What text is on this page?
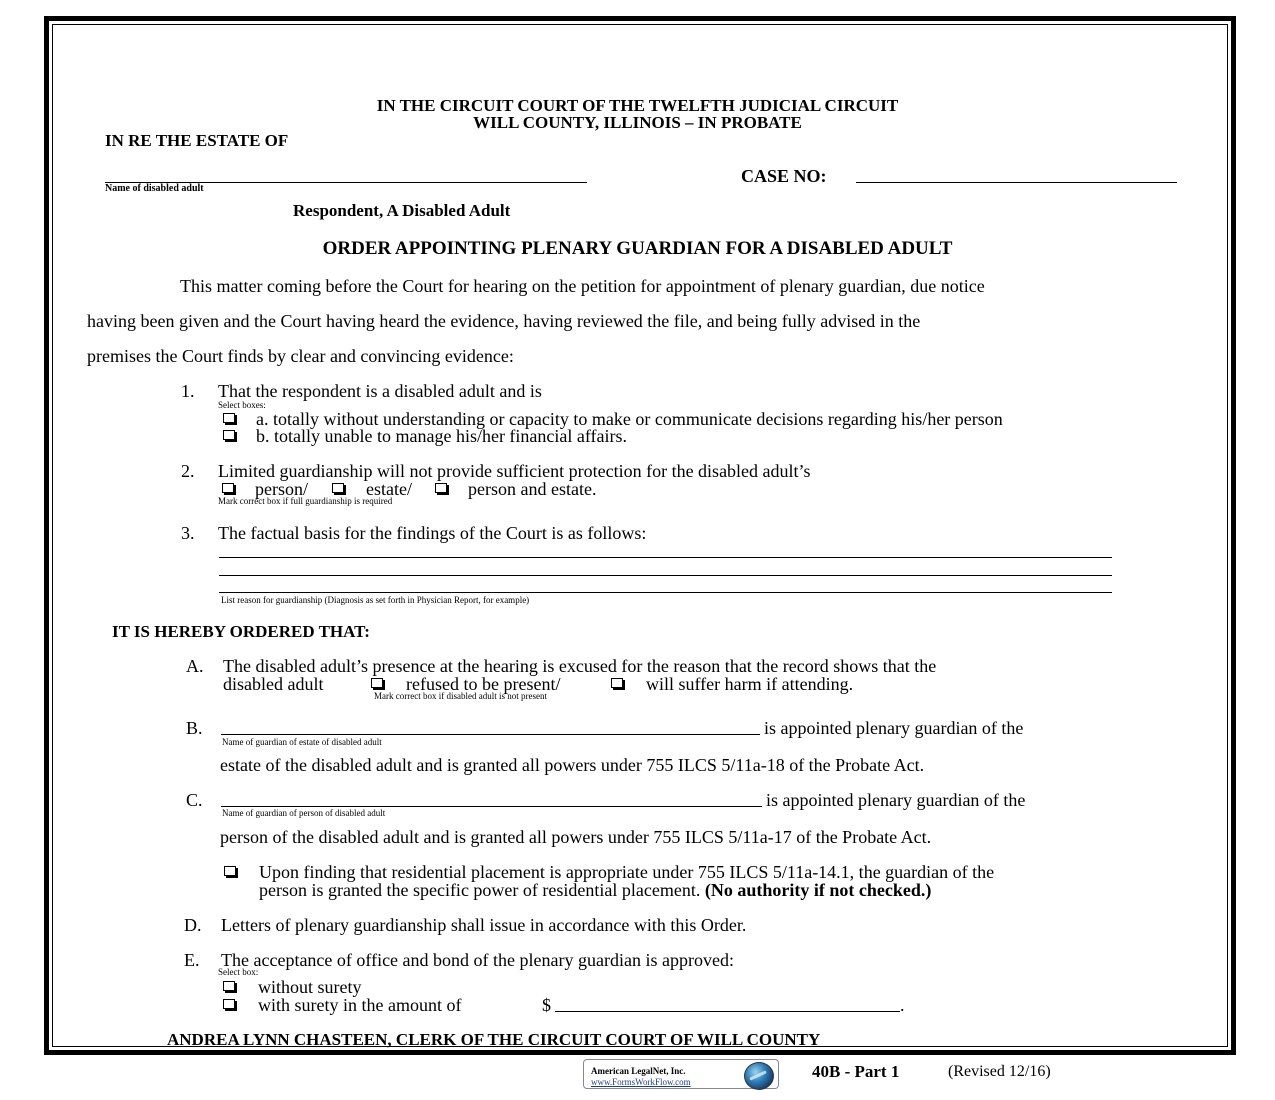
IN THE CIRCUIT COURT OF THE TWELFTH JUDICIAL CIRCUIT
WILL COUNTY, ILLINOIS – IN PROBATE
IN RE THE ESTATE OF
Name of disabled adult
CASE NO:
Respondent, A Disabled Adult
ORDER APPOINTING PLENARY GUARDIAN FOR A DISABLED ADULT
This matter coming before the Court for hearing on the petition for appointment of plenary guardian, due notice
having been given and the Court having heard the evidence, having reviewed the file, and being fully advised in the
premises the Court finds by clear and convincing evidence:
1. That the respondent is a disabled adult and is
Select boxes:
a. totally without understanding or capacity to make or communicate decisions regarding his/her person
b. totally unable to manage his/her financial affairs.
2. Limited guardianship will not provide sufficient protection for the disabled adult’s
person/	estate/	person and estate.
Mark correct box if full guardianship is required
3. The factual basis for the findings of the Court is as follows:
List reason for guardianship (Diagnosis as set forth in Physician Report, for example)
IT IS HEREBY ORDERED THAT:
A. The disabled adult’s presence at the hearing is excused for the reason that the record shows that the
disabled adult	refused to be present/	will suffer harm if attending.
Mark correct box if disabled adult is not present
B.	is appointed plenary guardian of the
Name of guardian of estate of disabled adult
estate of the disabled adult and is granted all powers under 755 ILCS 5/11a-18 of the Probate Act.
C.	is appointed plenary guardian of the
Name of guardian of person of disabled adult
person of the disabled adult and is granted all powers under 755 ILCS 5/11a-17 of the Probate Act.
Upon finding that residential placement is appropriate under 755 ILCS 5/11a-14.1, the guardian of the
person is granted the specific power of residential placement. (No authority if not checked.)
D. Letters of plenary guardianship shall issue in accordance with this Order.
E. The acceptance of office and bond of the plenary guardian is approved:
Select box:
without surety
with surety in the amount of	$	.
ANDREA LYNN CHASTEEN, CLERK OF THE CIRCUIT COURT OF WILL COUNTY
American LegalNet, Inc.
www.FormsWorkFlow.com
40B - Part 1	(Revised 12/16)
